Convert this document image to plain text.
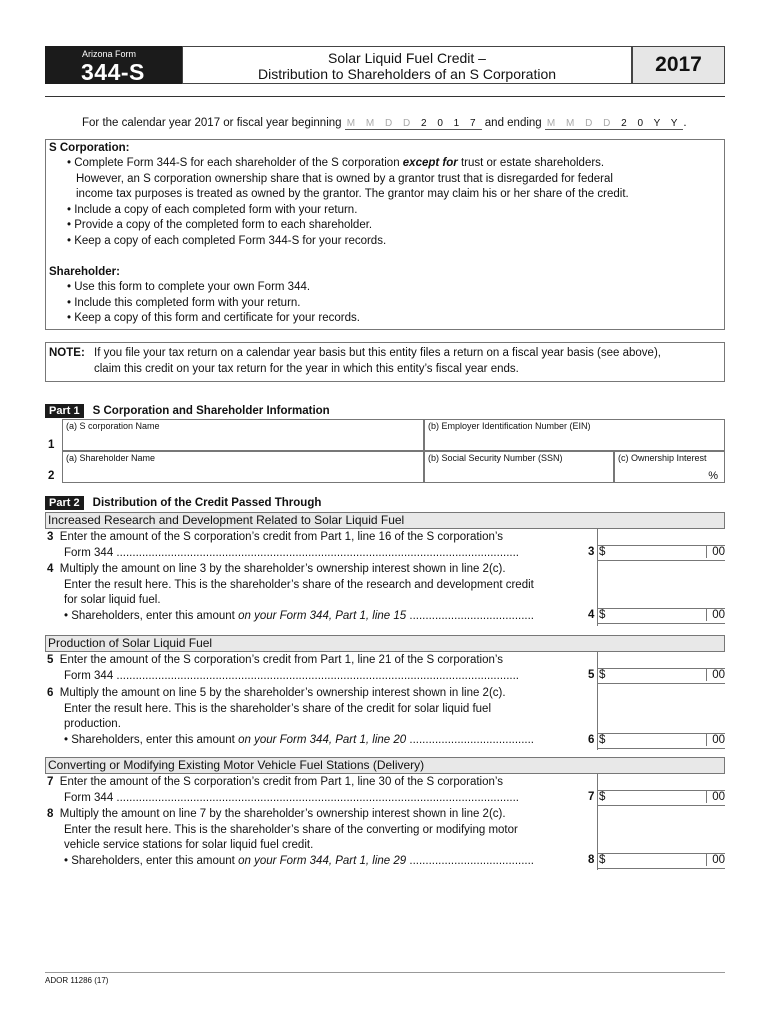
Arizona Form
344-S
Solar Liquid Fuel Credit –
Distribution to Shareholders of an S Corporation	2017
For the calendar year 2017 or fiscal year beginning M M D D 2 0 1 7 and ending M M D D 2 0 Y Y .

S Corporation:

• Complete Form 344-S for each shareholder of the S corporation except for trust or estate shareholders.

However, an S corporation ownership share that is owned by a grantor trust that is disregarded for federal

income tax purposes is treated as owned by the grantor. The grantor may claim his or her share of the credit.

• Include a copy of each completed form with your return.

• Provide a copy of the completed form to each shareholder.

• Keep a copy of each completed Form 344-S for your records.

Shareholder:

• Use this form to complete your own Form 344.

• Include this completed form with your return.

• Keep a copy of this form and certificate for your records.

NOTE: If you file your tax return on a calendar year basis but this entity files a return on a fiscal year basis (see above),
claim this credit on your tax return for the year in which this entity’s fiscal year ends.
Part 1 S Corporation and Shareholder Information
1
2
(a) S corporation Name	(b) Employer Identification Number (EIN)
(a) Shareholder Name	(b) Social Security Number (SSN)	(c) Ownership Interest
%
Part 2 Distribution of the Credit Passed Through
Increased Research and Development Related to Solar Liquid Fuel
3 Enter the amount of the S corporation’s credit from Part 1, line 16 of the S corporation’s
Form 344 ..............................................................................................................................	3 $	00
4 Multiply the amount on line 3 by the shareholder’s ownership interest shown in line 2(c).
Enter the result here. This is the shareholder’s share of the research and development credit
for solar liquid fuel.
• Shareholders, enter this amount on your Form 344, Part 1, line 15 .......................................	4 $	00
Production of Solar Liquid Fuel
5 Enter the amount of the S corporation’s credit from Part 1, line 21 of the S corporation’s
Form 344 ..............................................................................................................................	5 $	00
6 Multiply the amount on line 5 by the shareholder’s ownership interest shown in line 2(c).
Enter the result here. This is the shareholder’s share of the credit for solar liquid fuel
production.
• Shareholders, enter this amount on your Form 344, Part 1, line 20 .......................................	6 $	00
Converting or Modifying Existing Motor Vehicle Fuel Stations (Delivery)
7 Enter the amount of the S corporation’s credit from Part 1, line 30 of the S corporation’s
Form 344 ..............................................................................................................................	7 $	00
8 Multiply the amount on line 7 by the shareholder’s ownership interest shown in line 2(c).
Enter the result here. This is the shareholder’s share of the converting or modifying motor
vehicle service stations for solar liquid fuel credit.
• Shareholders, enter this amount on your Form 344, Part 1, line 29 .......................................	8 $	00
ADOR 11286 (17)
